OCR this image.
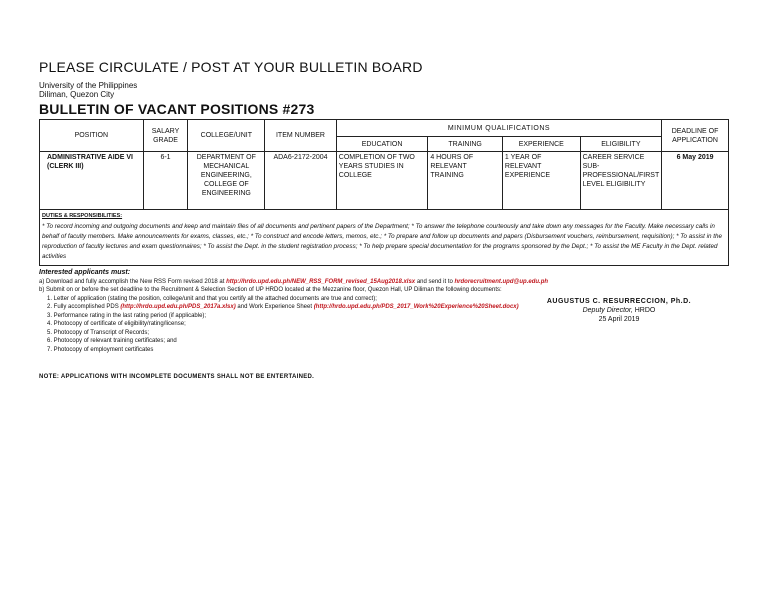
PLEASE CIRCULATE / POST AT YOUR BULLETIN BOARD
University of the Philippines
Diliman, Quezon City
BULLETIN OF VACANT POSITIONS #273
POSITION	SALARY GRADE	COLLEGE/UNIT	ITEM NUMBER	MINIMUM QUALIFICATIONS				DEADLINE OF APPLICATION
				EDUCATION	TRAINING	EXPERIENCE	ELIGIBILITY	
ADMINISTRATIVE AIDE VI (CLERK III)	6-1	DEPARTMENT OF MECHANICAL ENGINEERING, COLLEGE OF ENGINEERING	ADA6-2172-2004	COMPLETION OF TWO YEARS STUDIES IN COLLEGE	4 HOURS OF RELEVANT TRAINING	1 YEAR OF RELEVANT EXPERIENCE	CAREER SERVICE SUB-PROFESSIONAL/FIRST LEVEL ELIGIBILITY	6 May 2019

DUTIES & RESPONSIBILITIES:
* To record incoming and outgoing documents and keep and maintain files of all documents and pertinent papers of the Department; * To answer the telephone courteously and take down any messages for the Faculty. Make necessary calls in behalf of faculty members. Make announcements for exams, classes, etc.; * To construct and encode letters, memos, etc.; * To prepare and follow up documents and papers (Disbursement vouchers, reimbursement, requisition); * To assist in the reproduction of faculty lectures and exam questionnaires; * To assist the Dept. in the student registration process; * To help prepare special documentation for the programs sponsored by the Dept.; * To assist the ME Faculty in the Dept. related activities								
Interested applicants must:
a) Download and fully accomplish the New RSS Form revised 2018 at http://hrdo.upd.edu.ph/NEW_RSS_FORM_revised_15Aug2018.xlsx and send it to hrdorecruitment.upd@up.edu.ph
b) Submit on or before the set deadline to the Recruitment & Selection Section of UP HRDO located at the Mezzanine floor, Quezon Hall, UP Diliman the following documents:
1. Letter of application (stating the position, college/unit and that you certify all the attached documents are true and correct);
2. Fully accomplished PDS (http://hrdo.upd.edu.ph/PDS_2017a.xlsx) and Work Experience Sheet (http://hrdo.upd.edu.ph/PDS_2017_Work%20Experience%20Sheet.docx)
3. Performance rating in the last rating period (if applicable);
4. Photocopy of certificate of eligibility/rating/license;
5. Photocopy of Transcript of Records;
6. Photocopy of relevant training certificates; and
7. Photocopy of employment certificates
NOTE: APPLICATIONS WITH INCOMPLETE DOCUMENTS SHALL NOT BE ENTERTAINED.
AUGUSTUS C. RESURRECCION, Ph.D.
Deputy Director, HRDO
25 April 2019
